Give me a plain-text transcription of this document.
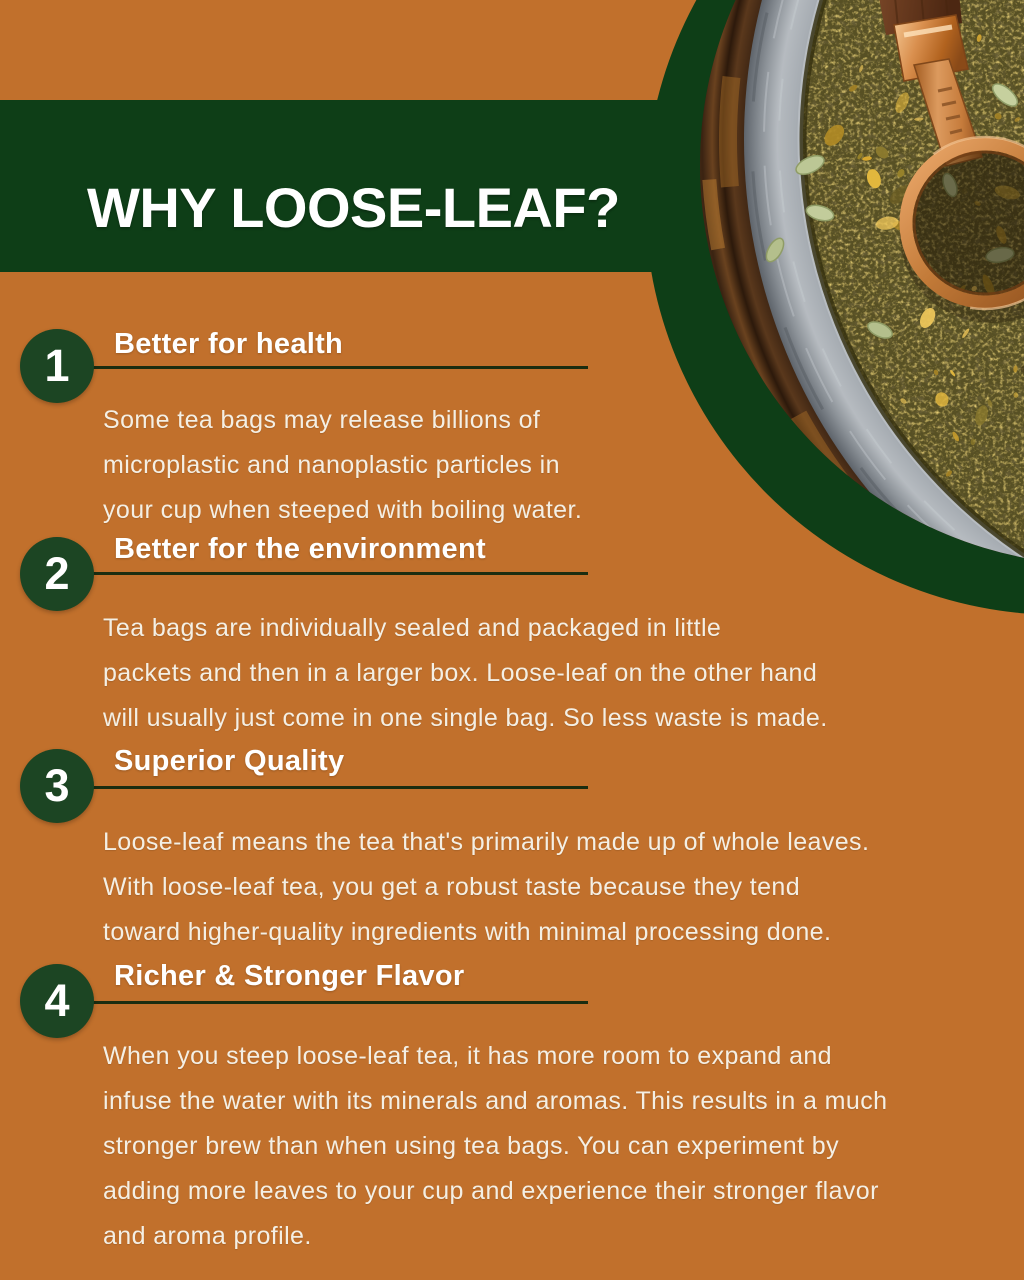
WHY LOOSE-LEAF?
1 Better for health
Some tea bags may release billions of
microplastic and nanoplastic particles in
your cup when steeped with boiling water.
2 Better for the environment
Tea bags are individually sealed and packaged in little
packets and then in a larger box. Loose-leaf on the other hand
will usually just come in one single bag. So less waste is made.
3 Superior Quality
Loose-leaf means the tea that's primarily made up of whole leaves.
With loose-leaf tea, you get a robust taste because they tend
toward higher-quality ingredients with minimal processing done.
4 Richer & Stronger Flavor
When you steep loose-leaf tea, it has more room to expand and
infuse the water with its minerals and aromas. This results in a much
stronger brew than when using tea bags. You can experiment by
adding more leaves to your cup and experience their stronger flavor
and aroma profile.
